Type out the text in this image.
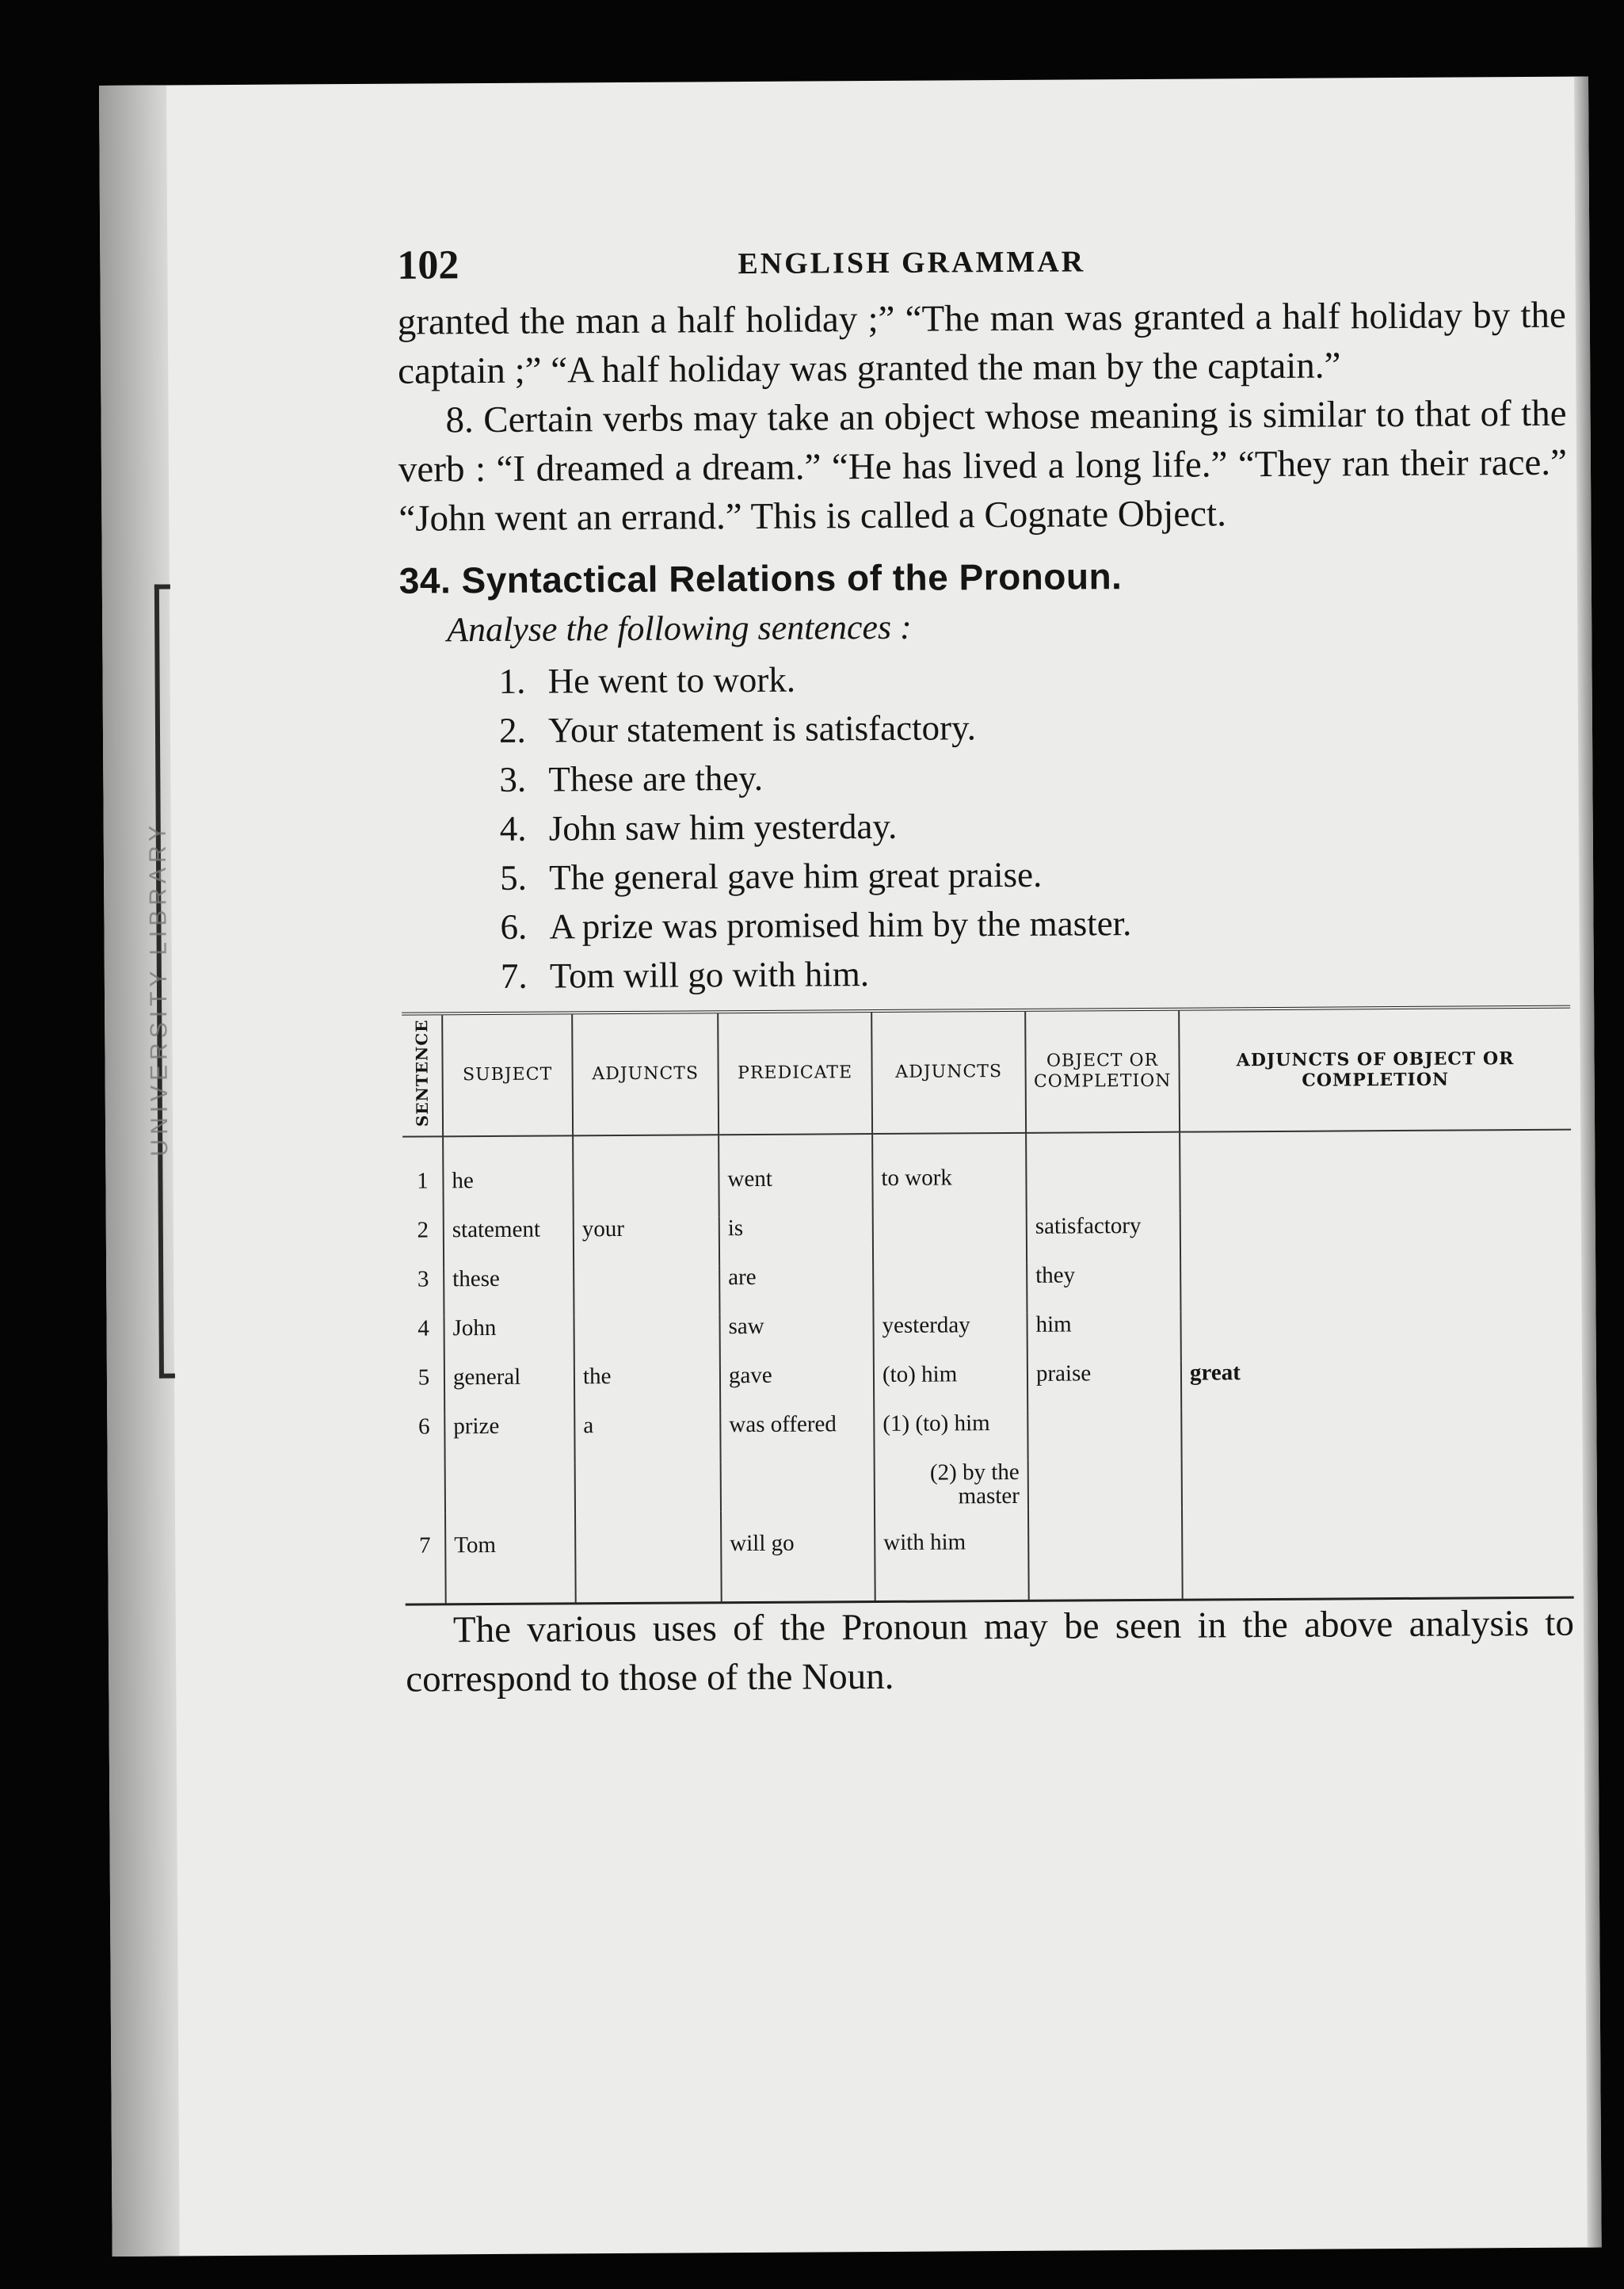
UNIVERSITY LIBRARY
102	ENGLISH GRAMMAR

granted the man a half holiday ;” “The man was granted a half holiday by the captain ;” “A half holiday was granted the man by the captain.”

8. Certain verbs may take an object whose meaning is similar to that of the verb : “I dreamed a dream.” “He has lived a long life.” “They ran their race.” “John went an errand.” This is called a Cognate Object.

34. Syntactical Relations of the Pronoun.
Analyse the following sentences :
1. He went to work.
2. Your statement is satisfactory.
3. These are they.
4. John saw him yesterday.
5. The general gave him great praise.
6. A prize was promised him by the master.
7. Tom will go with him.
SENTENCE	SUBJECT	ADJUNCTS	PREDICATE	ADJUNCTS	OBJECT OR COMPLETION	ADJUNCTS OF OBJECT OR COMPLETION
1	he		went	to work		
2	statement	your	is		satisfactory	
3	these		are		they	
4	John		saw	yesterday	him	
5	general	the	gave	(to) him	praise	great
6	prize	a	was offered	(1) (to) him		
				(2) by the master		
7	Tom		will go	with him		

The various uses of the Pronoun may be seen in the above analysis to correspond to those of the Noun.
